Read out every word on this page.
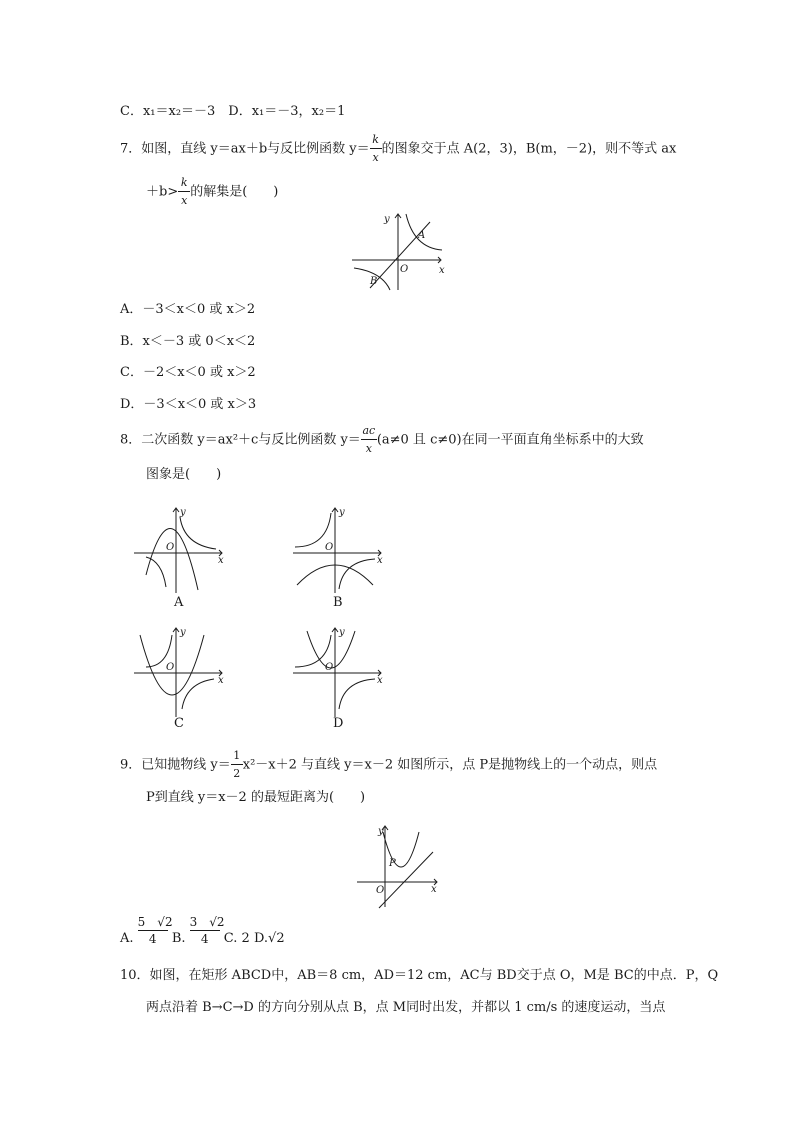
C．x₁＝x₂＝－3　D．x₁＝－3，x₂＝1
7．如图，直线 y＝ax＋b与反比例函数 $y= \frac{k}{x}$ 的图象交于点 A(2，3)，B(m，－2)，则不等式 ax
$+b> \frac{k}{x}$ 的解集是(　　)
y
x
O
A
B
A．－3＜x＜0 或 x＞2
B．x＜－3 或 0＜x＜2
C．－2＜x＜0 或 x＞2
D．－3＜x＜0 或 x＞3
8．二次函数 y＝ax²＋c与反比例函数 $y= \frac{ac}{x} (a\ne 0$ 且 c≠0)在同一平面直角坐标系中的大致
图象是(　　)
y
x
O
A
y
x
O
B
y
x
O
C
y
x
O
D
9．已知抛物线 $y= \frac{1}{2} x^2-x+2$ 与直线 y＝x－2 如图所示，点 P是抛物线上的一个动点，则点
P到直线 y＝x－2 的最短距离为(　　)
y
x
O
P
A. $\frac{5 √2}{4} B$. $\frac{3 √2}{4} C$. 2 D.√2
10．如图，在矩形 ABCD中，AB＝8 cm，AD＝12 cm，AC与 BD交于点 O，M是 BC的中点．P，Q
两点沿着 B→C→D 的方向分别从点 B，点 M同时出发，并都以 1 cm/s 的速度运动，当点
